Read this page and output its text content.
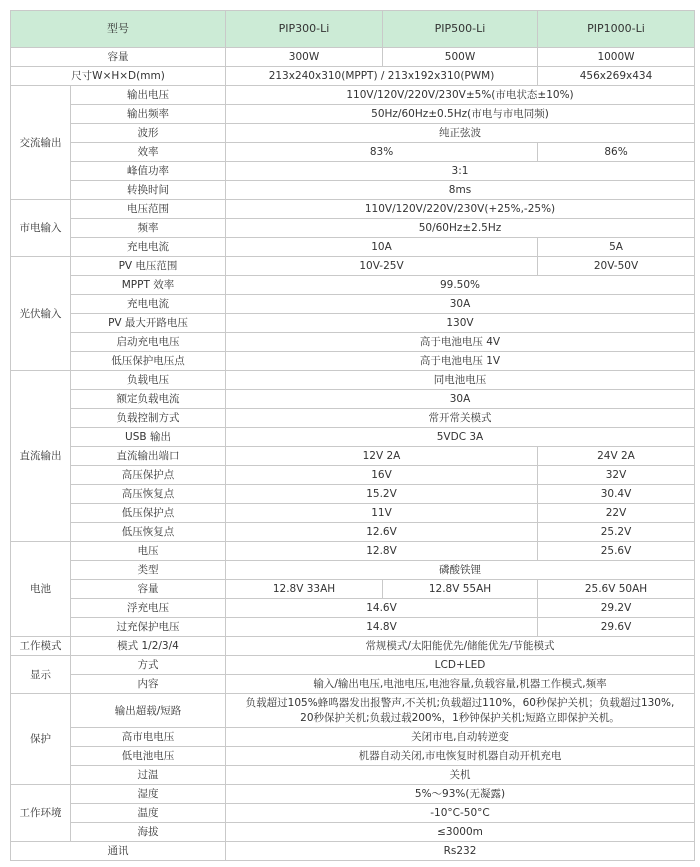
型号		PIP300-Li	PIP500-Li	PIP1000-Li
容量		300W	500W	1000W
尺寸W×H×D(mm)		213x240x310(MPPT) / 213x192x310(PWM)		456x269x434
交流输出	输出电压	110V/120V/220V/230V±5%(市电状态±10%)		
	输出频率	50Hz/60Hz±0.5Hz(市电与市电同频)		
	波形	纯正弦波		
	效率	83%		86%
	峰值功率	3:1		
	转换时间	8ms		
市电输入	电压范围	110V/120V/220V/230V(+25%,-25%)		
	频率	50/60Hz±2.5Hz		
	充电电流	10A		5A
光伏输入	PV 电压范围	10V-25V		20V-50V
	MPPT 效率	99.50%		
	充电电流	30A		
	PV 最大开路电压	130V		
	启动充电电压	高于电池电压 4V		
	低压保护电压点	高于电池电压 1V		
直流输出	负载电压	同电池电压		
	额定负载电流	30A		
	负载控制方式	常开常关模式		
	USB 输出	5VDC 3A		
	直流输出端口	12V 2A		24V 2A
	高压保护点	16V		32V
	高压恢复点	15.2V		30.4V
	低压保护点	11V		22V
	低压恢复点	12.6V		25.2V
电池	电压	12.8V		25.6V
	类型	磷酸铁锂		
	容量	12.8V 33AH	12.8V 55AH	25.6V 50AH
	浮充电压	14.6V		29.2V
	过充保护电压	14.8V		29.6V
工作模式	模式 1/2/3/4	常规模式/太阳能优先/储能优先/节能模式		
显示	方式	LCD+LED		
	内容	输入/输出电压,电池电压,电池容量,负载容量,机器工作模式,频率		
保护	输出超载/短路	负载超过105%蜂鸣器发出报警声,不关机;负载超过110%，60秒保护关机；负载超过130%,
20秒保护关机;负载过载200%，1秒钟保护关机;短路立即保护关机。		
	高市电电压	关闭市电,自动转逆变		
	低电池电压	机器自动关闭,市电恢复时机器自动开机充电		
	过温	关机		
工作环境	湿度	5%～93%(无凝露)		
	温度	-10°C-50°C		
	海拔	≤3000m		
通讯		Rs232		
